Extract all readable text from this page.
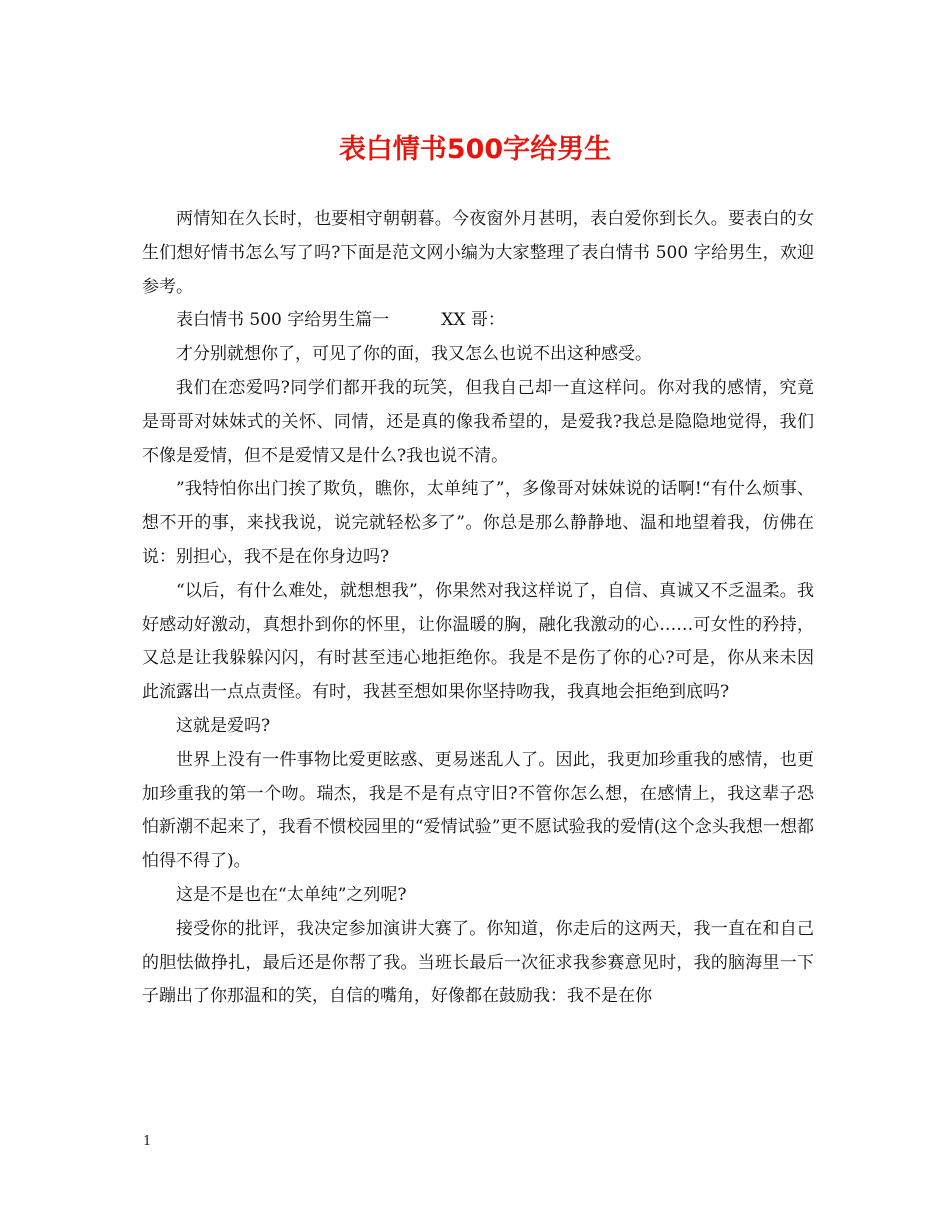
表白情书500字给男生

两情知在久长时，也要相守朝朝暮。今夜窗外月甚明，表白爱你到长久。要表白的女生们想好情书怎么写了吗?下面是范文网小编为大家整理了表白情书 500 字给男生，欢迎参考。

表白情书 500 字给男生篇一	XX 哥：

才分别就想你了，可见了你的面，我又怎么也说不出这种感受。

我们在恋爱吗?同学们都开我的玩笑，但我自己却一直这样问。你对我的感情，究竟是哥哥对妹妹式的关怀、同情，还是真的像我希望的，是爱我?我总是隐隐地觉得，我们不像是爱情，但不是爱情又是什么?我也说不清。

”我特怕你出门挨了欺负，瞧你，太单纯了”，多像哥对妹妹说的话啊!“有什么烦事、想不开的事，来找我说，说完就轻松多了”。你总是那么静静地、温和地望着我，仿佛在说：别担心，我不是在你身边吗?

“以后，有什么难处，就想想我”，你果然对我这样说了，自信、真诚又不乏温柔。我好感动好激动，真想扑到你的怀里，让你温暖的胸，融化我激动的心……可女性的矜持，又总是让我躲躲闪闪，有时甚至违心地拒绝你。我是不是伤了你的心?可是，你从来未因此流露出一点点责怪。有时，我甚至想如果你坚持吻我，我真地会拒绝到底吗?

这就是爱吗?

世界上没有一件事物比爱更眩惑、更易迷乱人了。因此，我更加珍重我的感情，也更加珍重我的第一个吻。瑞杰，我是不是有点守旧?不管你怎么想，在感情上，我这辈子恐怕新潮不起来了，我看不惯校园里的“爱情试验”更不愿试验我的爱情(这个念头我想一想都怕得不得了)。

这是不是也在“太单纯”之列呢?

接受你的批评，我决定参加演讲大赛了。你知道，你走后的这两天，我一直在和自己的胆怯做挣扎，最后还是你帮了我。当班长最后一次征求我参赛意见时，我的脑海里一下子蹦出了你那温和的笑，自信的嘴角，好像都在鼓励我：我不是在你

1
